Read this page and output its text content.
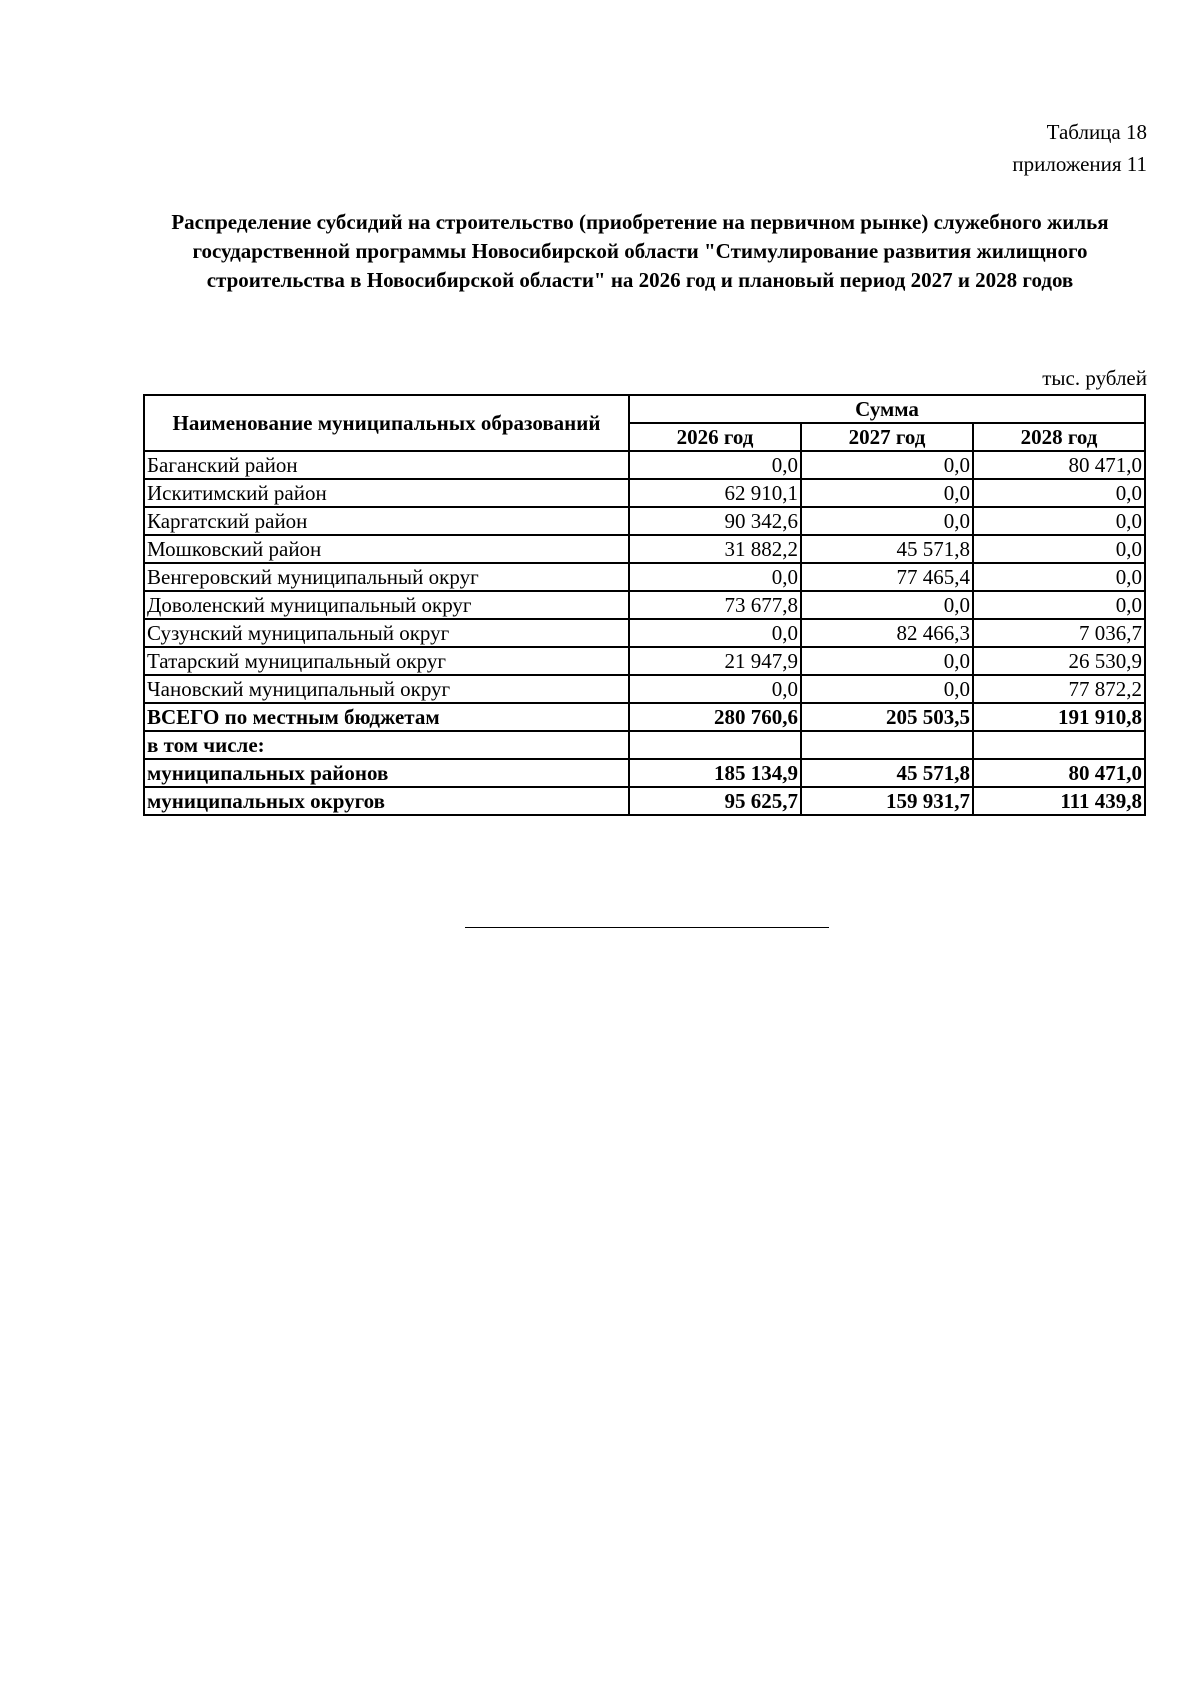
Таблица 18
приложения 11
Распределение субсидий на строительство (приобретение на первичном рынке) служебного жилья государственной программы Новосибирской области "Стимулирование развития жилищного строительства в Новосибирской области" на 2026 год и плановый период 2027 и 2028 годов
тыс. рублей
Наименование муниципальных образований	Сумма		
	2026 год	2027 год	2028 год
Баганский район	0,0	0,0	80 471,0
Искитимский район	62 910,1	0,0	0,0
Каргатский район	90 342,6	0,0	0,0
Мошковский район	31 882,2	45 571,8	0,0
Венгеровский муниципальный округ	0,0	77 465,4	0,0
Доволенский муниципальный округ	73 677,8	0,0	0,0
Сузунский муниципальный округ	0,0	82 466,3	7 036,7
Татарский муниципальный округ	21 947,9	0,0	26 530,9
Чановский муниципальный округ	0,0	0,0	77 872,2
ВСЕГО по местным бюджетам	280 760,6	205 503,5	191 910,8
в том числе:			
муниципальных районов	185 134,9	45 571,8	80 471,0
муниципальных округов	95 625,7	159 931,7	111 439,8
